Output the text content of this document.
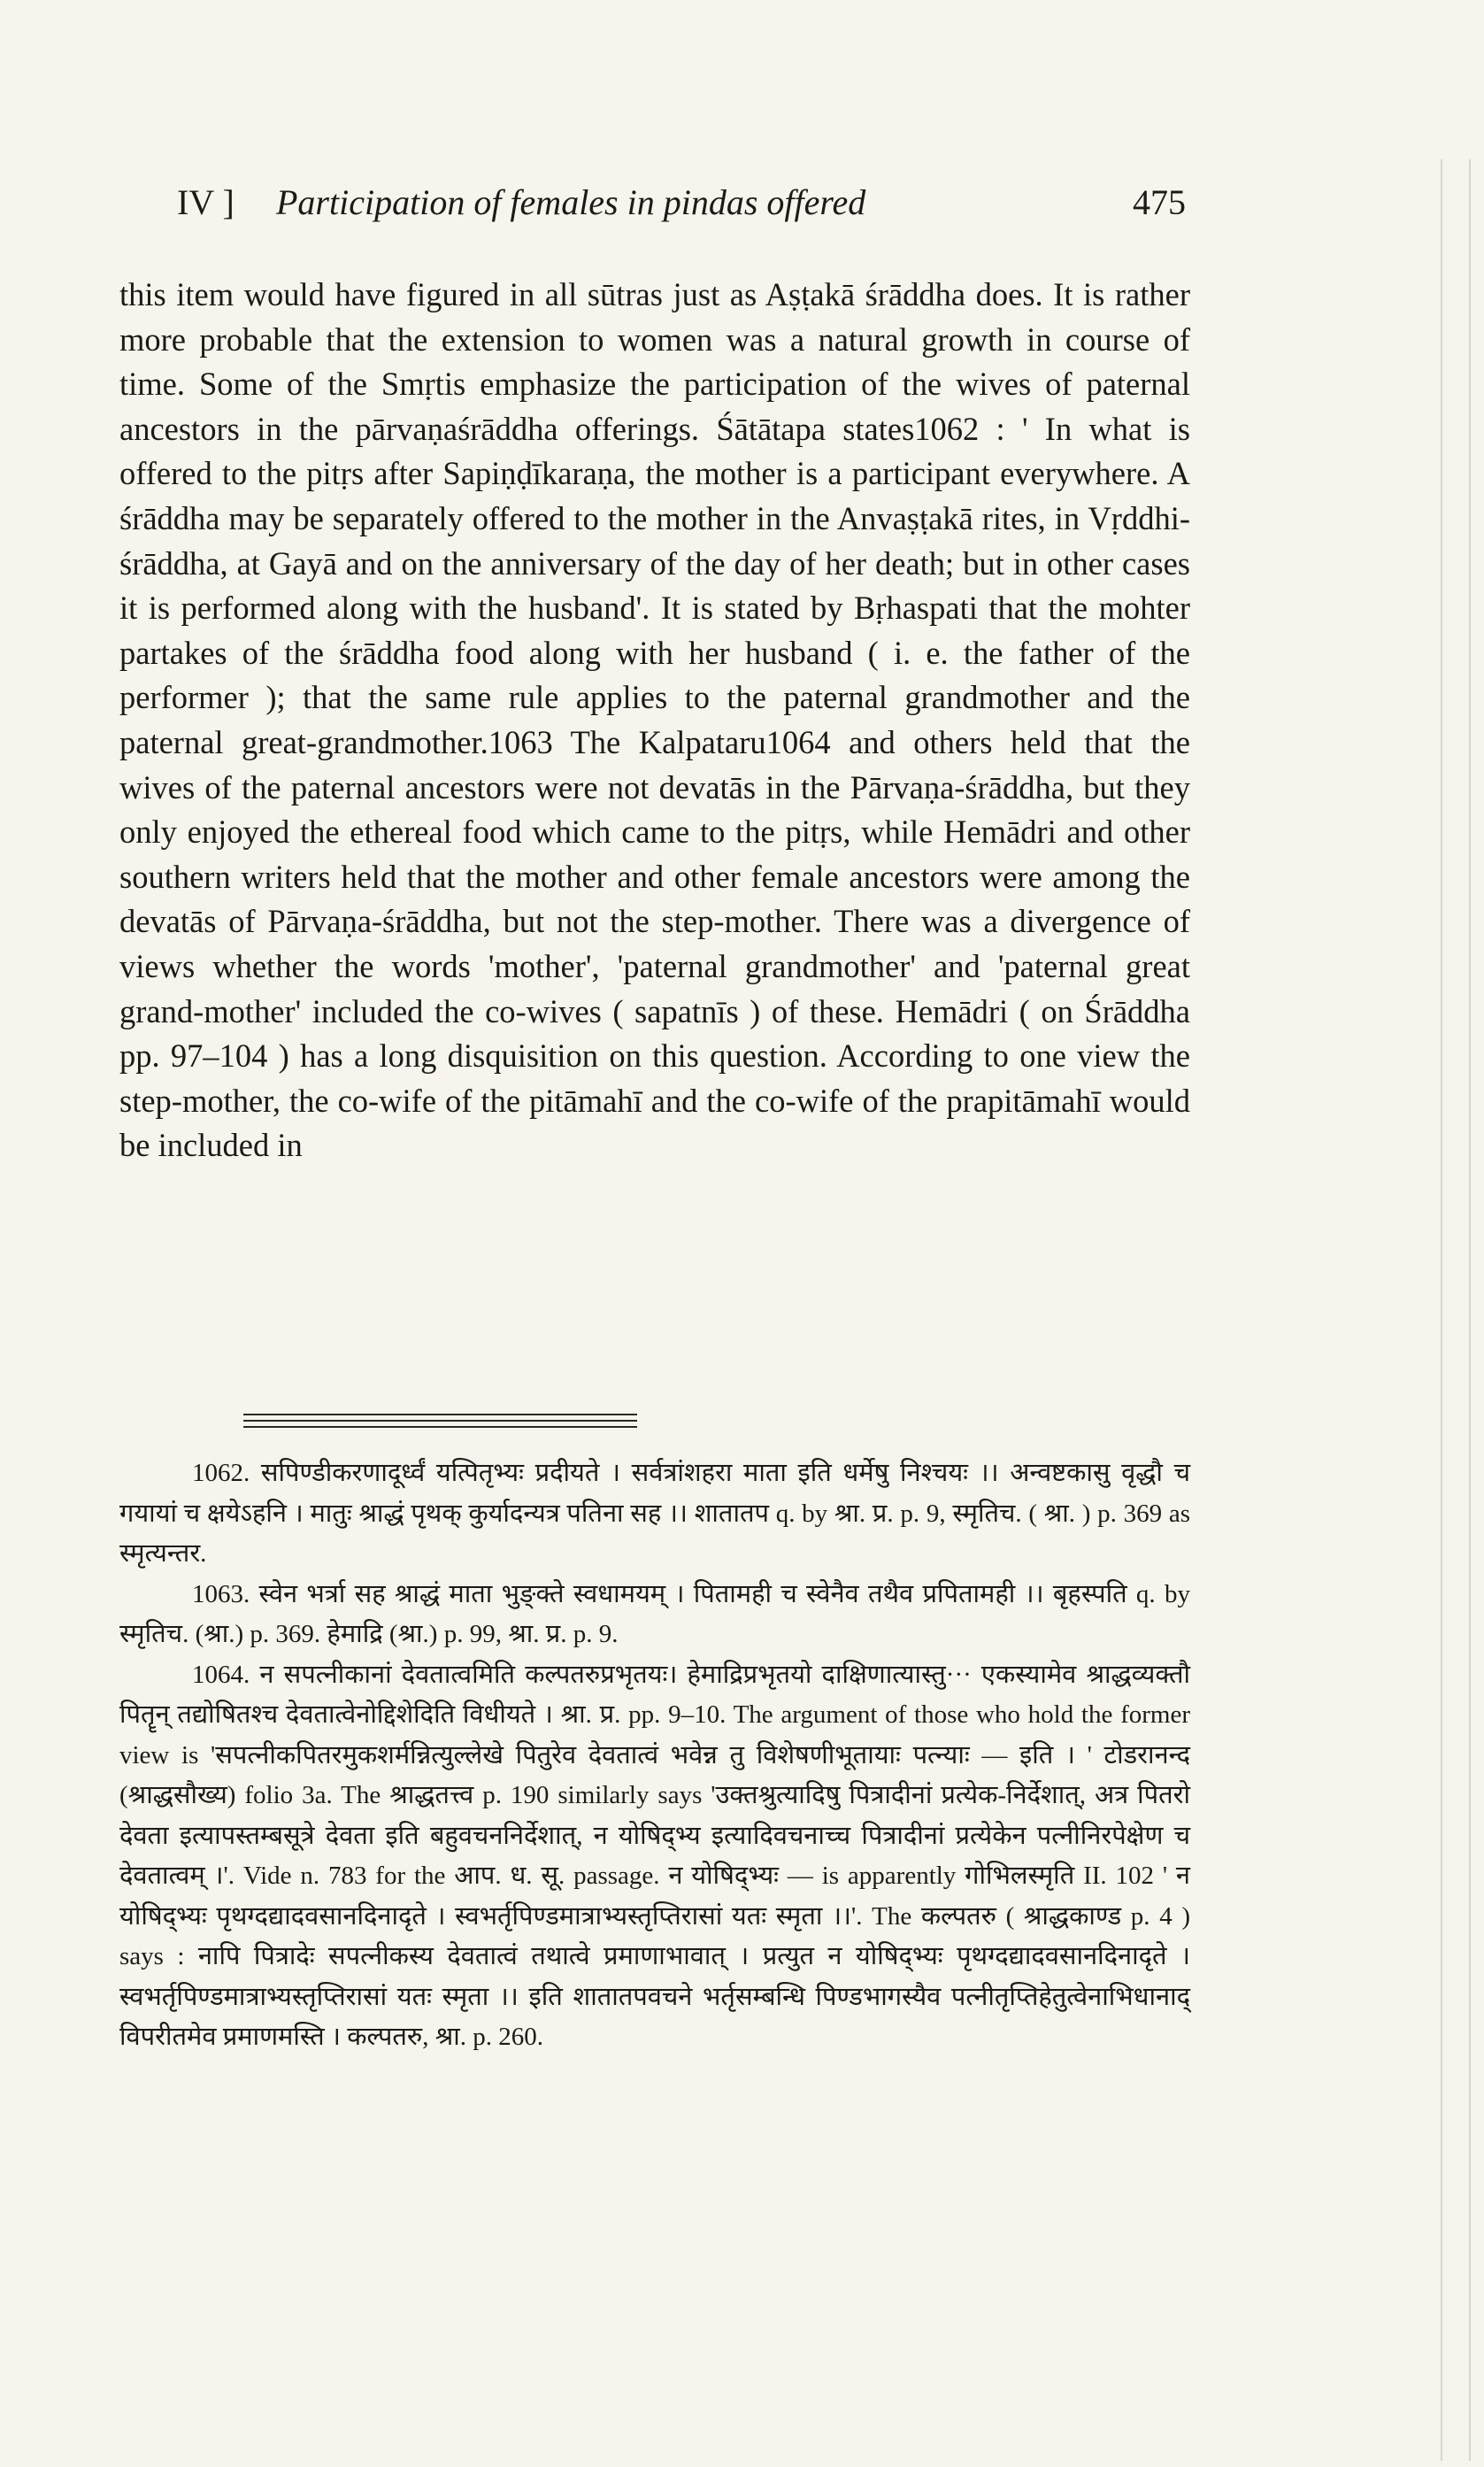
IV ] Participation of females in pindas offered	475

this item would have figured in all sūtras just as Aṣṭakā śrāddha does. It is rather more probable that the extension to women was a natural growth in course of time. Some of the Smṛtis emphasize the participation of the wives of paternal ancestors in the pārvaṇaśrāddha offerings. Śātātapa states1062 : ' In what is offered to the pitṛs after Sapiṇḍīkaraṇa, the mother is a participant everywhere. A śrāddha may be separately offered to the mother in the Anvaṣṭakā rites, in Vṛddhi-śrāddha, at Gayā and on the anniversary of the day of her death; but in other cases it is performed along with the husband'. It is stated by Bṛhaspati that the mohter partakes of the śrāddha food along with her husband ( i. e. the father of the performer ); that the same rule applies to the paternal grandmother and the paternal great-grandmother.1063 The Kalpataru1064 and others held that the wives of the paternal ancestors were not devatās in the Pārvaṇa-śrāddha, but they only enjoyed the ethereal food which came to the pitṛs, while Hemādri and other southern writers held that the mother and other female ancestors were among the devatās of Pārvaṇa-śrāddha, but not the step-mother. There was a divergence of views whether the words 'mother', 'paternal grandmother' and 'paternal great grand-mother' included the co-wives ( sapatnīs ) of these. Hemādri ( on Śrāddha pp. 97–104 ) has a long disquisition on this question. According to one view the step-mother, the co-wife of the pitāmahī and the co-wife of the prapitāmahī would be included in

1062. सपिण्डीकरणादूर्ध्वं यत्पितृभ्यः प्रदीयते । सर्वत्रांशहरा माता इति धर्मेषु निश्चयः ।। अन्वष्टकासु वृद्धौ च गयायां च क्षयेऽहनि । मातुः श्राद्धं पृथक् कुर्यादन्यत्र पतिना सह ।। शातातप q. by श्रा. प्र. p. 9, स्मृतिच. ( श्रा. ) p. 369 as स्मृत्यन्तर.

1063. स्वेन भर्त्रा सह श्राद्धं माता भुङ्क्ते स्वधामयम् । पितामही च स्वेनैव तथैव प्रपितामही ।। बृहस्पति q. by स्मृतिच. (श्रा.) p. 369. हेमाद्रि (श्रा.) p. 99, श्रा. प्र. p. 9.

1064. न सपत्नीकानां देवतात्वमिति कल्पतरुप्रभृतयः। हेमाद्रिप्रभृतयो दाक्षिणात्यास्तु··· एकस्यामेव श्राद्धव्यक्तौ पितॄन् तद्योषितश्च देवतात्वेनोद्दिशेदिति विधीयते । श्रा. प्र. pp. 9–10. The argument of those who hold the former view is 'सपत्नीकपितरमुकशर्मन्नित्युल्लेखे पितुरेव देवतात्वं भवेन्न तु विशेषणीभूतायाः पत्न्याः — इति । ' टोडरानन्द (श्राद्धसौख्य) folio 3a. The श्राद्धतत्त्व p. 190 similarly says 'उक्तश्रुत्यादिषु पित्रादीनां प्रत्येक-निर्देशात्, अत्र पितरो देवता इत्यापस्तम्बसूत्रे देवता इति बहुवचननिर्देशात्, न योषिद्भ्य इत्यादिवचनाच्च पित्रादीनां प्रत्येकेन पत्नीनिरपेक्षेण च देवतात्वम् ।'. Vide n. 783 for the आप. ध. सू. passage. न योषिद्भ्यः — is apparently गोभिलस्मृति II. 102 ' न योषिद्भ्यः पृथग्दद्यादवसानदिनादृते । स्वभर्तृपिण्डमात्राभ्यस्तृप्तिरासां यतः स्मृता ।।'. The कल्पतरु ( श्राद्धकाण्ड p. 4 ) says : नापि पित्रादेः सपत्नीकस्य देवतात्वं तथात्वे प्रमाणाभावात् । प्रत्युत न योषिद्भ्यः पृथग्दद्यादवसानदिनादृते । स्वभर्तृपिण्डमात्राभ्यस्तृप्तिरासां यतः स्मृता ।। इति शातातपवचने भर्तृसम्बन्धि पिण्डभागस्यैव पत्नीतृप्तिहेतुत्वेनाभिधानाद् विपरीतमेव प्रमाणमस्ति । कल्पतरु, श्रा. p. 260.
